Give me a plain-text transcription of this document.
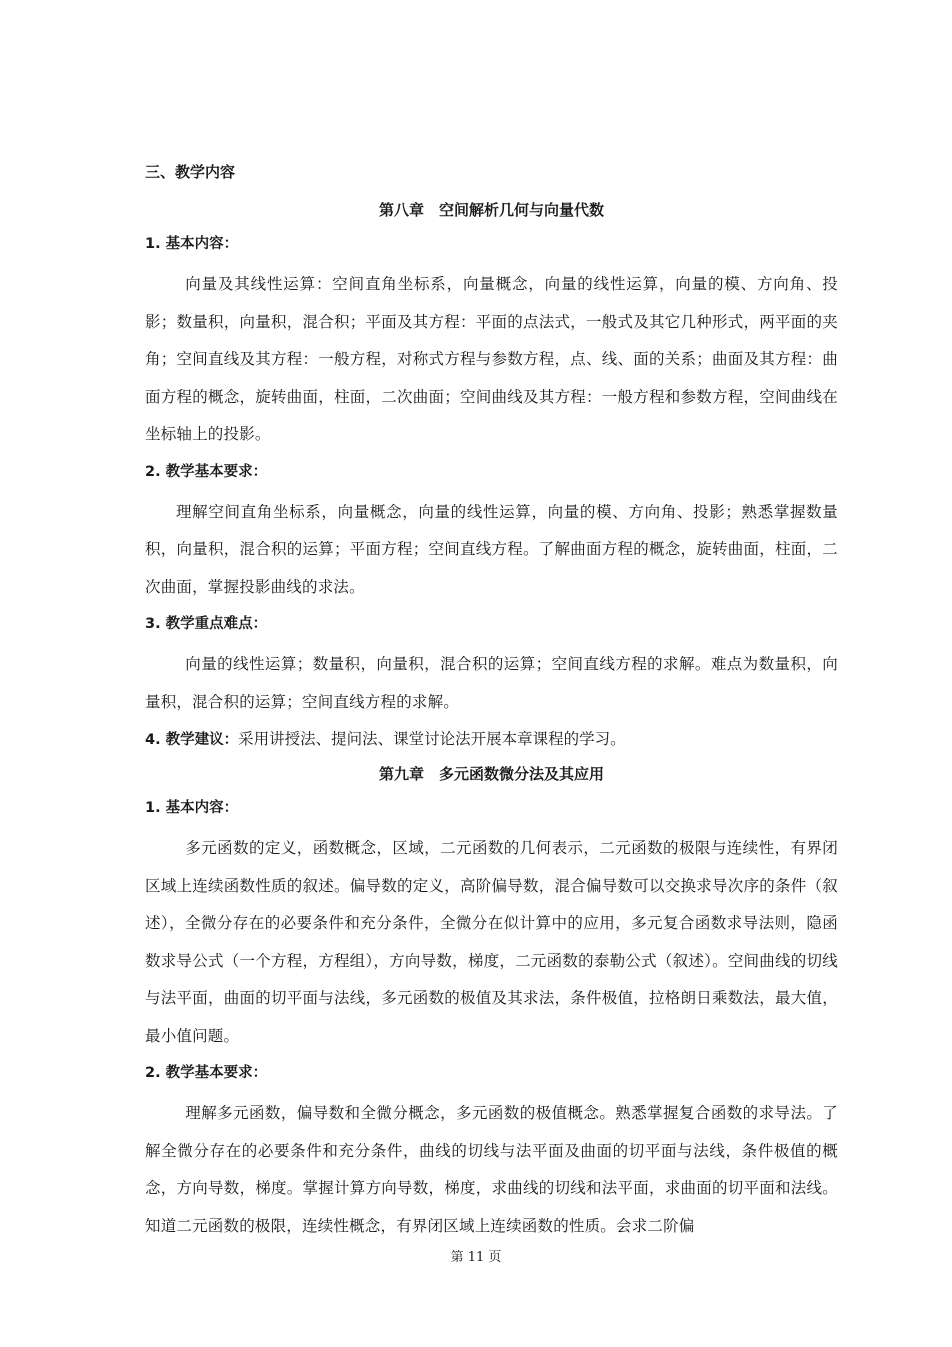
三、教学内容
第八章　空间解析几何与向量代数
1. 基本内容：
向量及其线性运算：空间直角坐标系，向量概念，向量的线性运算，向量的模、方向角、投影；数量积，向量积，混合积；平面及其方程：平面的点法式，一般式及其它几种形式，两平面的夹角；空间直线及其方程：一般方程，对称式方程与参数方程，点、线、面的关系；曲面及其方程：曲面方程的概念，旋转曲面，柱面，二次曲面；空间曲线及其方程：一般方程和参数方程，空间曲线在坐标轴上的投影。
2. 教学基本要求：
理解空间直角坐标系，向量概念，向量的线性运算，向量的模、方向角、投影；熟悉掌握数量积，向量积，混合积的运算；平面方程；空间直线方程。了解曲面方程的概念，旋转曲面，柱面，二次曲面，掌握投影曲线的求法。
3. 教学重点难点：
向量的线性运算；数量积，向量积，混合积的运算；空间直线方程的求解。难点为数量积，向量积，混合积的运算；空间直线方程的求解。
4. 教学建议：采用讲授法、提问法、课堂讨论法开展本章课程的学习。
第九章　多元函数微分法及其应用
1. 基本内容：
多元函数的定义，函数概念，区域，二元函数的几何表示，二元函数的极限与连续性，有界闭区域上连续函数性质的叙述。偏导数的定义，高阶偏导数，混合偏导数可以交换求导次序的条件（叙述），全微分存在的必要条件和充分条件，全微分在似计算中的应用，多元复合函数求导法则，隐函数求导公式（一个方程，方程组），方向导数，梯度，二元函数的泰勒公式（叙述）。空间曲线的切线与法平面，曲面的切平面与法线，多元函数的极值及其求法，条件极值，拉格朗日乘数法，最大值，最小值问题。
2. 教学基本要求：
理解多元函数，偏导数和全微分概念，多元函数的极值概念。熟悉掌握复合函数的求导法。了解全微分存在的必要条件和充分条件，曲线的切线与法平面及曲面的切平面与法线，条件极值的概念，方向导数，梯度。掌握计算方向导数，梯度，求曲线的切线和法平面，求曲面的切平面和法线。知道二元函数的极限，连续性概念，有界闭区域上连续函数的性质。会求二阶偏
第 11 页
